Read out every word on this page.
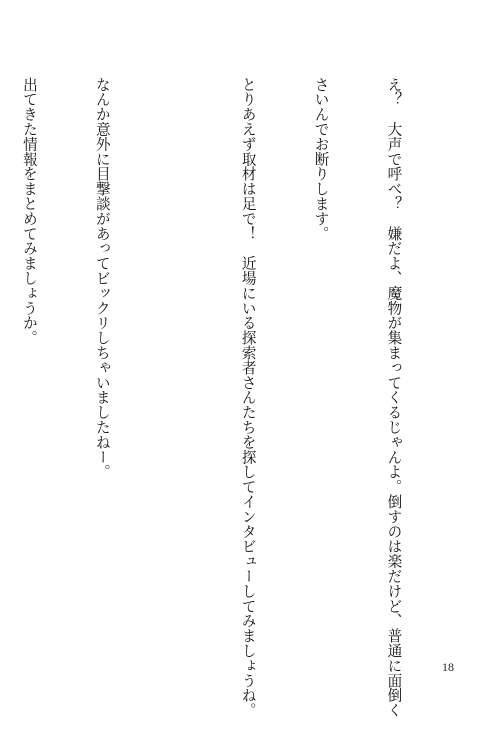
え？　大声で呼べ？　嫌だよ、魔物が集まってくるじゃんよ。倒すのは楽だけど、普通に面倒く

さいんでお断りします。

とりあえず取材は足で！　近場にいる探索者さんたちを探してインタビューしてみましょうね。

なんか意外に目撃談があってビックリしちゃいましたねー。

出てきた情報をまとめてみましょうか。

18
